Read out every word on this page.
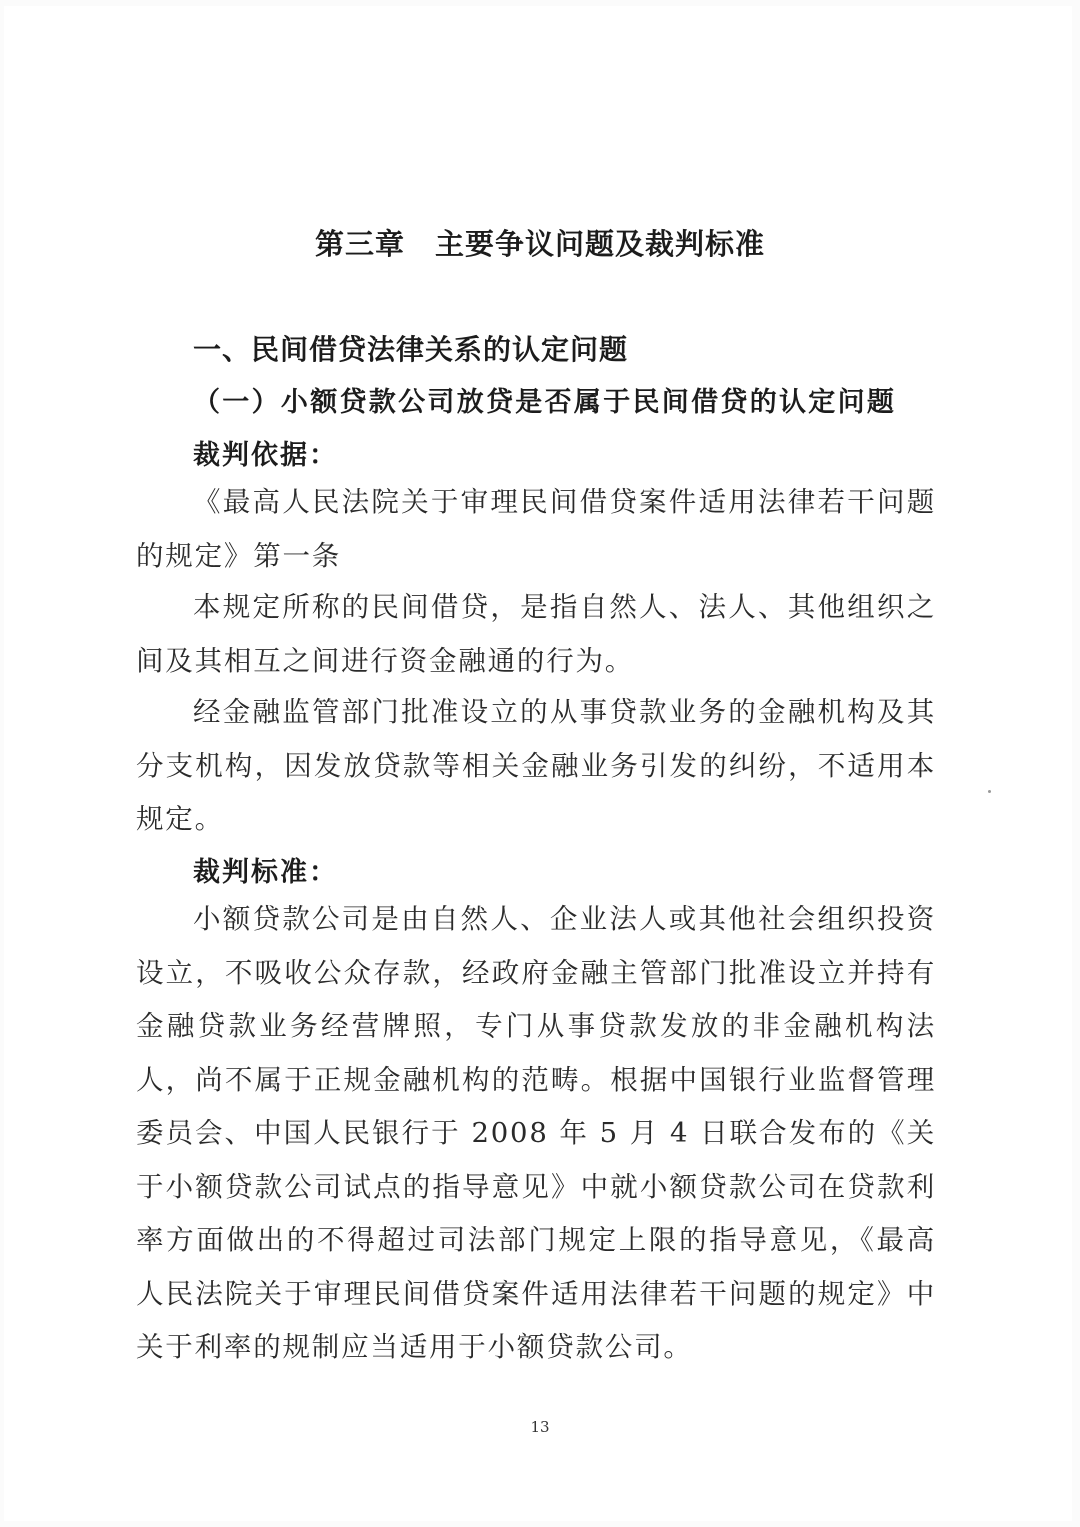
第三章 主要争议问题及裁判标准
一、民间借贷法律关系的认定问题
（一）小额贷款公司放贷是否属于民间借贷的认定问题
裁判依据：

《最高人民法院关于审理民间借贷案件适用法律若干问题的规定》第一条

本规定所称的民间借贷，是指自然人、法人、其他组织之间及其相互之间进行资金融通的行为。

经金融监管部门批准设立的从事贷款业务的金融机构及其分支机构，因发放贷款等相关金融业务引发的纠纷，不适用本规定。

裁判标准：

小额贷款公司是由自然人、企业法人或其他社会组织投资设立，不吸收公众存款，经政府金融主管部门批准设立并持有金融贷款业务经营牌照，专门从事贷款发放的非金融机构法人，尚不属于正规金融机构的范畴。根据中国银行业监督管理委员会、中国人民银行于 2008 年 5 月 4 日联合发布的《关于小额贷款公司试点的指导意见》中就小额贷款公司在贷款利率方面做出的不得超过司法部门规定上限的指导意见，《最高人民法院关于审理民间借贷案件适用法律若干问题的规定》中关于利率的规制应当适用于小额贷款公司。

13
